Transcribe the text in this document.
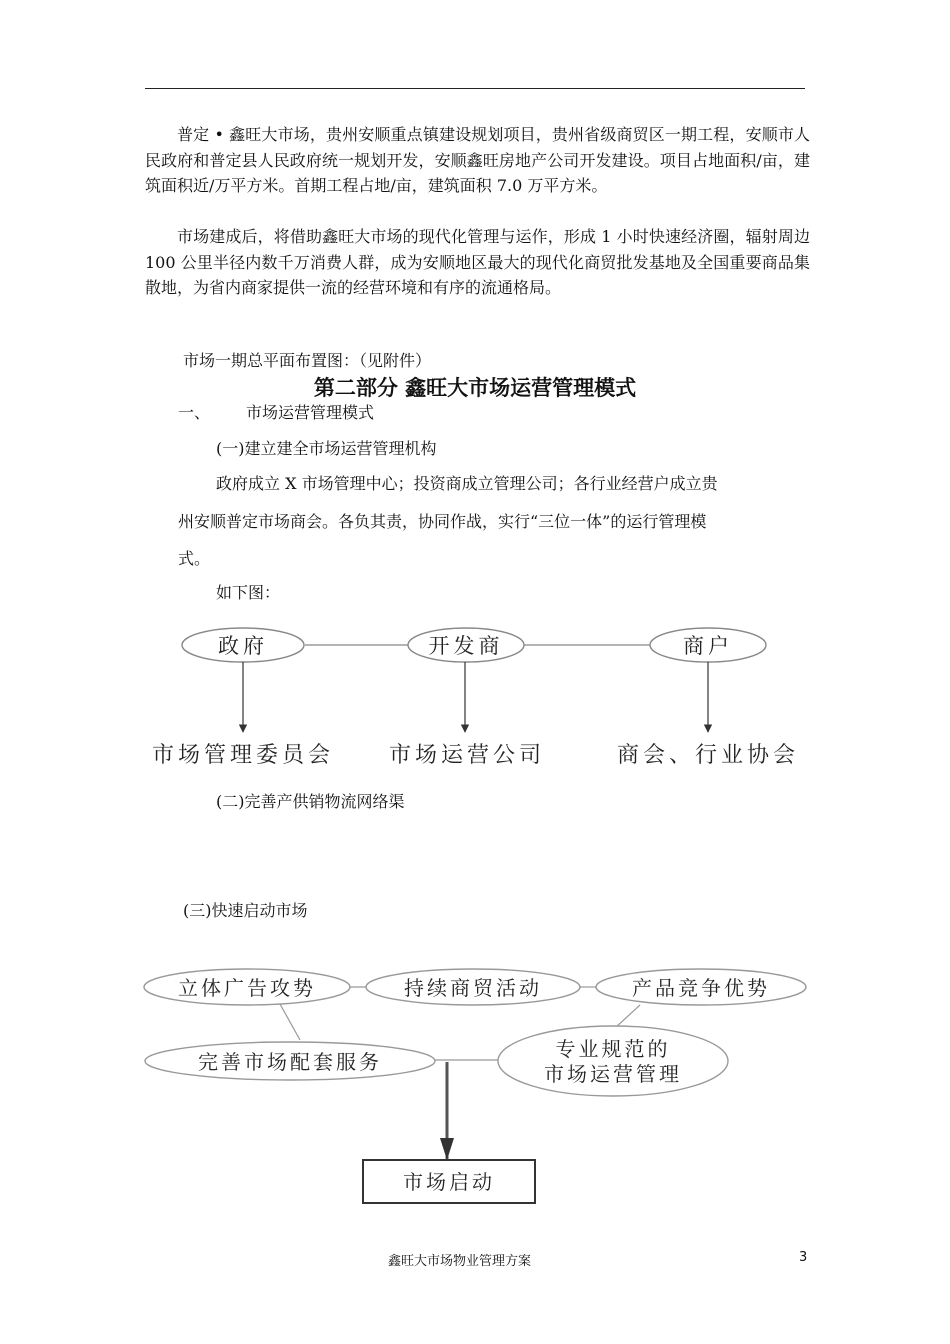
普定 • 鑫旺大市场，贵州安顺重点镇建设规划项目，贵州省级商贸区一期工程，安顺市人民政府和普定县人民政府统一规划开发，安顺鑫旺房地产公司开发建设。项目占地面积/亩，建筑面积近/万平方米。首期工程占地/亩，建筑面积 7.0 万平方米。

市场建成后，将借助鑫旺大市场的现代化管理与运作，形成 1 小时快速经济圈，辐射周边 100 公里半径内数千万消费人群，成为安顺地区最大的现代化商贸批发基地及全国重要商品集散地，为省内商家提供一流的经营环境和有序的流通格局。

市场一期总平面布置图：（见附件）

第二部分 鑫旺大市场运营管理模式

一、 市场运营管理模式

(一)建立建全市场运营管理机构

政府成立 X 市场管理中心；投资商成立管理公司；各行业经营户成立贵

州安顺普定市场商会。各负其责，协同作战，实行“三位一体”的运行管理模

式。

如下图：

政府	开发商	商户
市场管理委员会 市场运营公司	商会、行业协会
立体广告攻势	持续商贸活动	产品竞争优势
完善市场配套服务
专业规范的
市场运营管理
市场启动

(二)完善产供销物流网络渠

(三)快速启动市场

鑫旺大市场物业管理方案	3
